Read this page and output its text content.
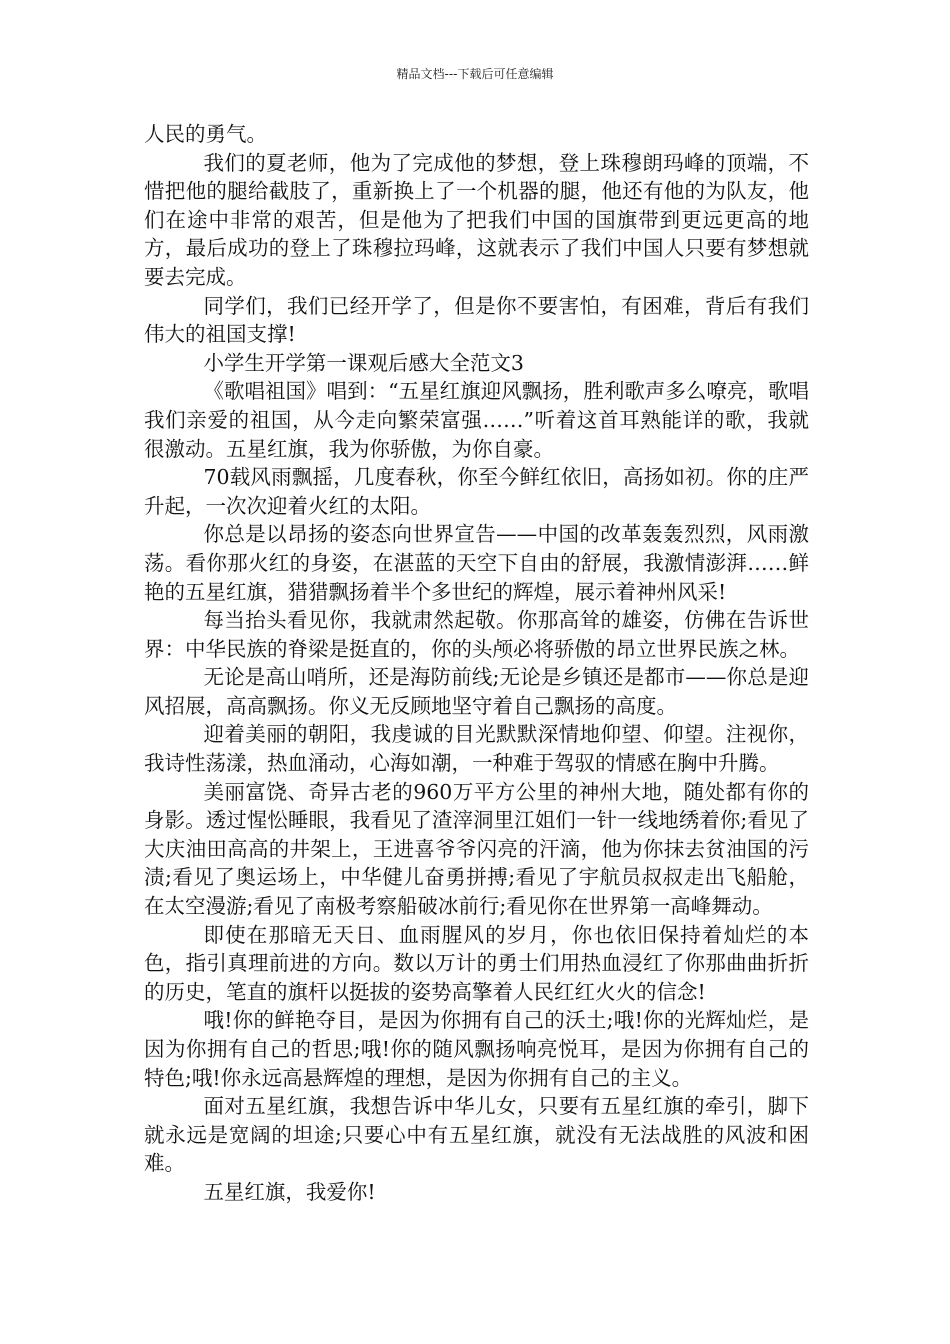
精品文档---下载后可任意编辑

人民的勇气。

我们的夏老师，他为了完成他的梦想，登上珠穆朗玛峰的顶端，不惜把他的腿给截肢了，重新换上了一个机器的腿，他还有他的为队友，他们在途中非常的艰苦，但是他为了把我们中国的国旗带到更远更高的地方，最后成功的登上了珠穆拉玛峰，这就表示了我们中国人只要有梦想就要去完成。

同学们，我们已经开学了，但是你不要害怕，有困难，背后有我们伟大的祖国支撑!

小学生开学第一课观后感大全范文3

《歌唱祖国》唱到：“五星红旗迎风飘扬，胜利歌声多么嘹亮，歌唱我们亲爱的祖国，从今走向繁荣富强……”听着这首耳熟能详的歌，我就很激动。五星红旗，我为你骄傲，为你自豪。

70载风雨飘摇，几度春秋，你至今鲜红依旧，高扬如初。你的庄严升起，一次次迎着火红的太阳。

你总是以昂扬的姿态向世界宣告——中国的改革轰轰烈烈，风雨激荡。看你那火红的身姿，在湛蓝的天空下自由的舒展，我激情澎湃……鲜艳的五星红旗，猎猎飘扬着半个多世纪的辉煌，展示着神州风采!

每当抬头看见你，我就肃然起敬。你那高耸的雄姿，仿佛在告诉世界：中华民族的脊梁是挺直的，你的头颅必将骄傲的昂立世界民族之林。

无论是高山哨所，还是海防前线;无论是乡镇还是都市——你总是迎风招展，高高飘扬。你义无反顾地坚守着自己飘扬的高度。

迎着美丽的朝阳，我虔诚的目光默默深情地仰望、仰望。注视你，我诗性荡漾，热血涌动，心海如潮，一种难于驾驭的情感在胸中升腾。

美丽富饶、奇异古老的960万平方公里的神州大地，随处都有你的身影。透过惺忪睡眼，我看见了渣滓洞里江姐们一针一线地绣着你;看见了大庆油田高高的井架上，王进喜爷爷闪亮的汗滴，他为你抹去贫油国的污渍;看见了奥运场上，中华健儿奋勇拼搏;看见了宇航员叔叔走出飞船舱，在太空漫游;看见了南极考察船破冰前行;看见你在世界第一高峰舞动。

即使在那暗无天日、血雨腥风的岁月，你也依旧保持着灿烂的本色，指引真理前进的方向。数以万计的勇士们用热血浸红了你那曲曲折折的历史，笔直的旗杆以挺拔的姿势高擎着人民红红火火的信念!

哦!你的鲜艳夺目，是因为你拥有自己的沃土;哦!你的光辉灿烂，是因为你拥有自己的哲思;哦!你的随风飘扬响亮悦耳，是因为你拥有自己的特色;哦!你永远高悬辉煌的理想，是因为你拥有自己的主义。

面对五星红旗，我想告诉中华儿女，只要有五星红旗的牵引，脚下就永远是宽阔的坦途;只要心中有五星红旗，就没有无法战胜的风波和困难。

五星红旗，我爱你!
